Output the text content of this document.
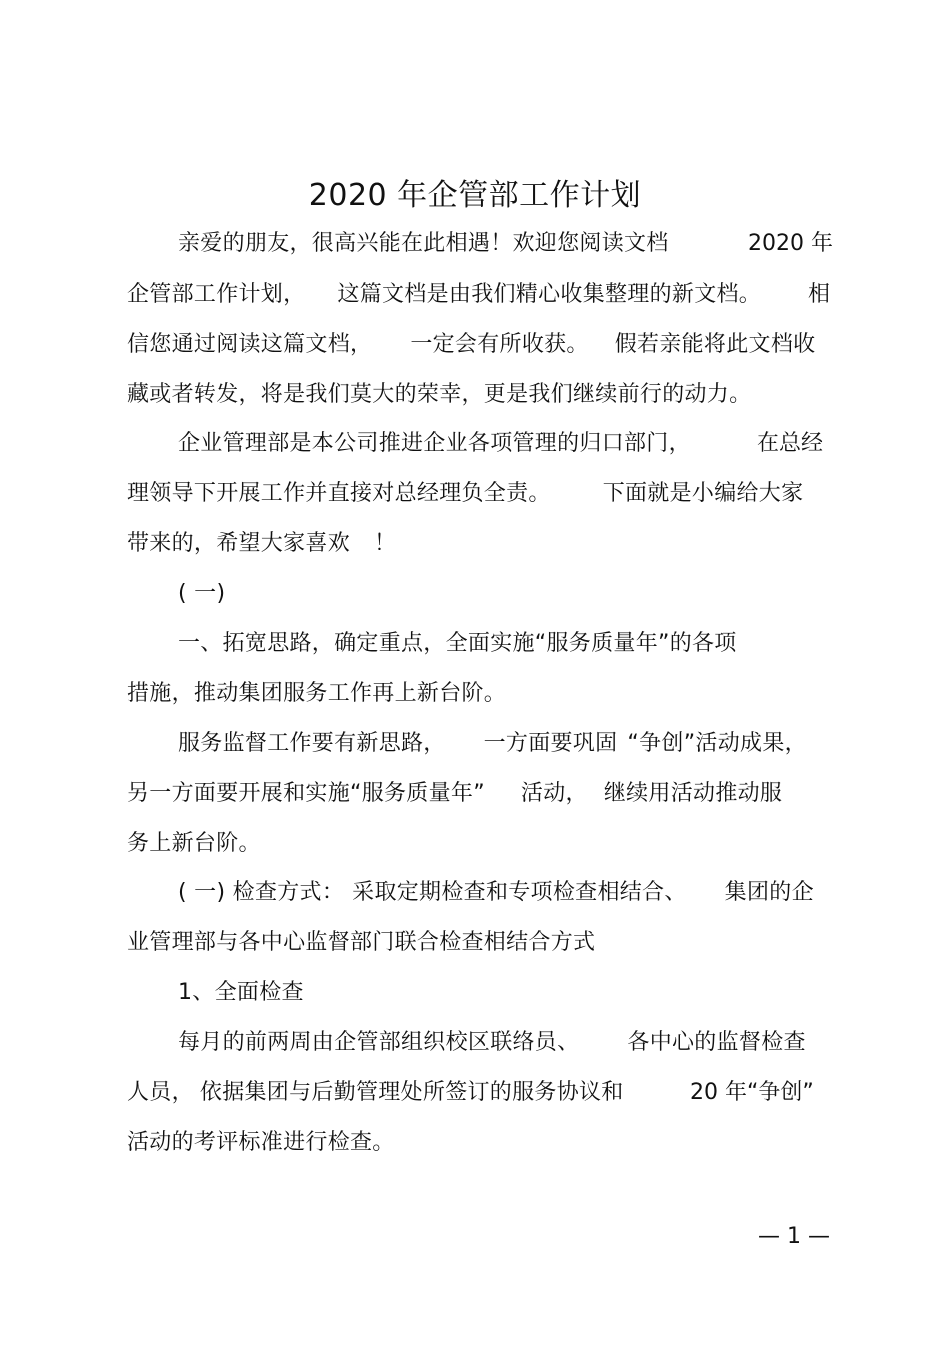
2020 年企管部工作计划
亲爱的朋友，很高兴能在此相遇！欢迎您阅读文档	2020 年
企管部工作计划， 这篇文档是由我们精心收集整理的新文档。 相
信您通过阅读这篇文档， 一定会有所收获。 假若亲能将此文档收
藏或者转发，将是我们莫大的荣幸，更是我们继续前行的动力。
企业管理部是本公司推进企业各项管理的归口部门，	在总经
理领导下开展工作并直接对总经理负全责。 下面就是小编给大家
带来的，希望大家喜欢 ！
( 一)
一、拓宽思路，确定重点，全面实施“服务质量年”的各项
措施，推动集团服务工作再上新台阶。
服务监督工作要有新思路， 一方面要巩固 “争创”活动成果，
另一方面要开展和实施“服务质量年” 活动， 继续用活动推动服
务上新台阶。
( 一) 检查方式： 采取定期检查和专项检查相结合、 集团的企
业管理部与各中心监督部门联合检查相结合方式
1、全面检查
每月的前两周由企管部组织校区联络员、 各中心的监督检查
人员， 依据集团与后勤管理处所签订的服务协议和	20 年“争创”
活动的考评标准进行检查。
— 1 —
